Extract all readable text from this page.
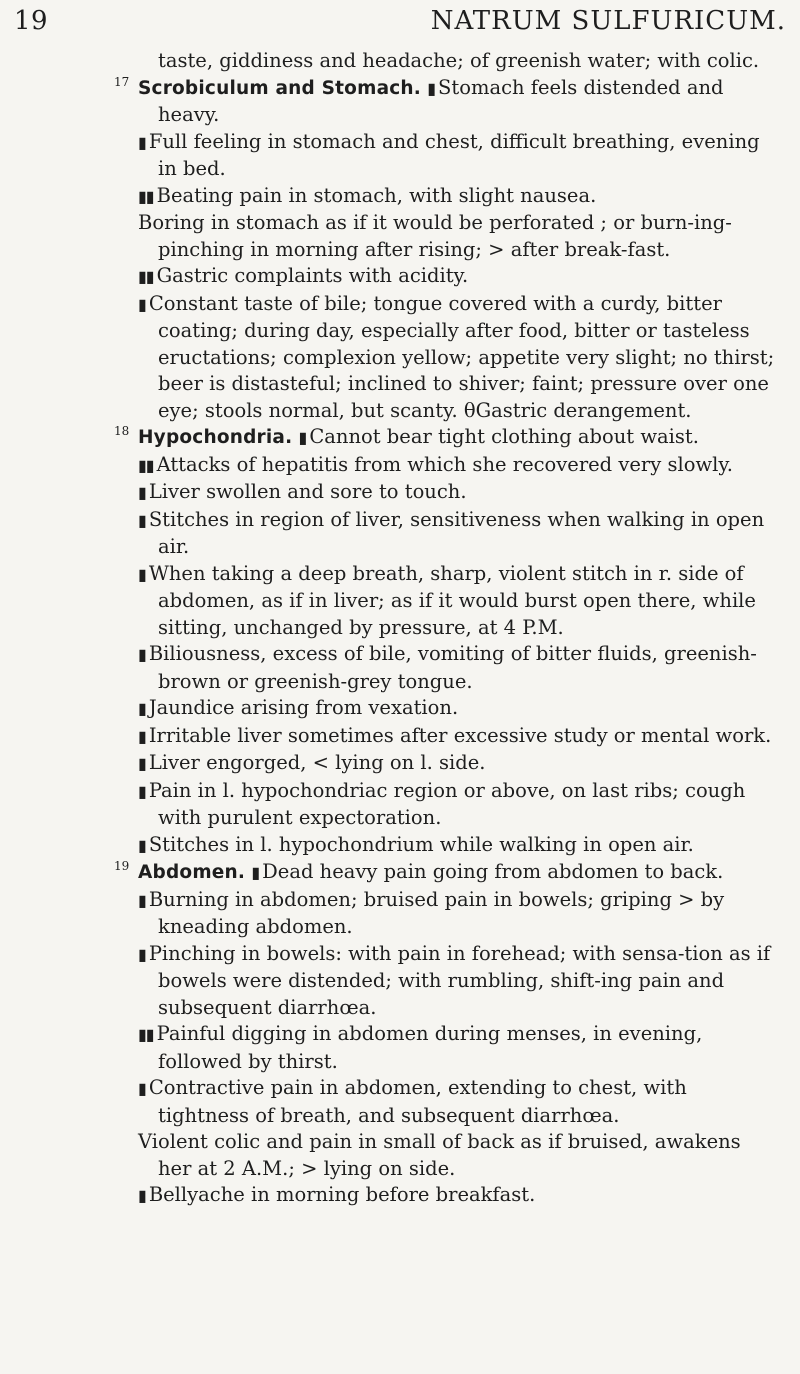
19	NATRUM SULFURICUM.

taste, giddiness and headache; of greenish water; with colic.

17 Scrobiculum and Stomach. ▮ Stomach feels distended and heavy.

▮ Full feeling in stomach and chest, difficult breathing, evening in bed.

▮▮ Beating pain in stomach, with slight nausea.

Boring in stomach as if it would be perforated ; or burn-ing-pinching in morning after rising; > after break-fast.

▮▮ Gastric complaints with acidity.

▮ Constant taste of bile; tongue covered with a curdy, bitter coating; during day, especially after food, bitter or tasteless eructations; complexion yellow; appetite very slight; no thirst; beer is distasteful; inclined to shiver; faint; pressure over one eye; stools normal, but scanty. θGastric derangement.

18 Hypochondria. ▮ Cannot bear tight clothing about waist.

▮▮ Attacks of hepatitis from which she recovered very slowly.

▮ Liver swollen and sore to touch.

▮ Stitches in region of liver, sensitiveness when walking in open air.

▮ When taking a deep breath, sharp, violent stitch in r. side of abdomen, as if in liver; as if it would burst open there, while sitting, unchanged by pressure, at 4 P.M.

▮ Biliousness, excess of bile, vomiting of bitter fluids, greenish-brown or greenish-grey tongue.

▮ Jaundice arising from vexation.

▮ Irritable liver sometimes after excessive study or mental work.

▮ Liver engorged, < lying on l. side.

▮ Pain in l. hypochondriac region or above, on last ribs; cough with purulent expectoration.

▮ Stitches in l. hypochondrium while walking in open air.

19 Abdomen. ▮ Dead heavy pain going from abdomen to back.

▮ Burning in abdomen; bruised pain in bowels; griping > by kneading abdomen.

▮ Pinching in bowels: with pain in forehead; with sensa-tion as if bowels were distended; with rumbling, shift-ing pain and subsequent diarrhœa.

▮▮ Painful digging in abdomen during menses, in evening, followed by thirst.

▮ Contractive pain in abdomen, extending to chest, with tightness of breath, and subsequent diarrhœa.

Violent colic and pain in small of back as if bruised, awakens her at 2 A.M.; > lying on side.

▮ Bellyache in morning before breakfast.
